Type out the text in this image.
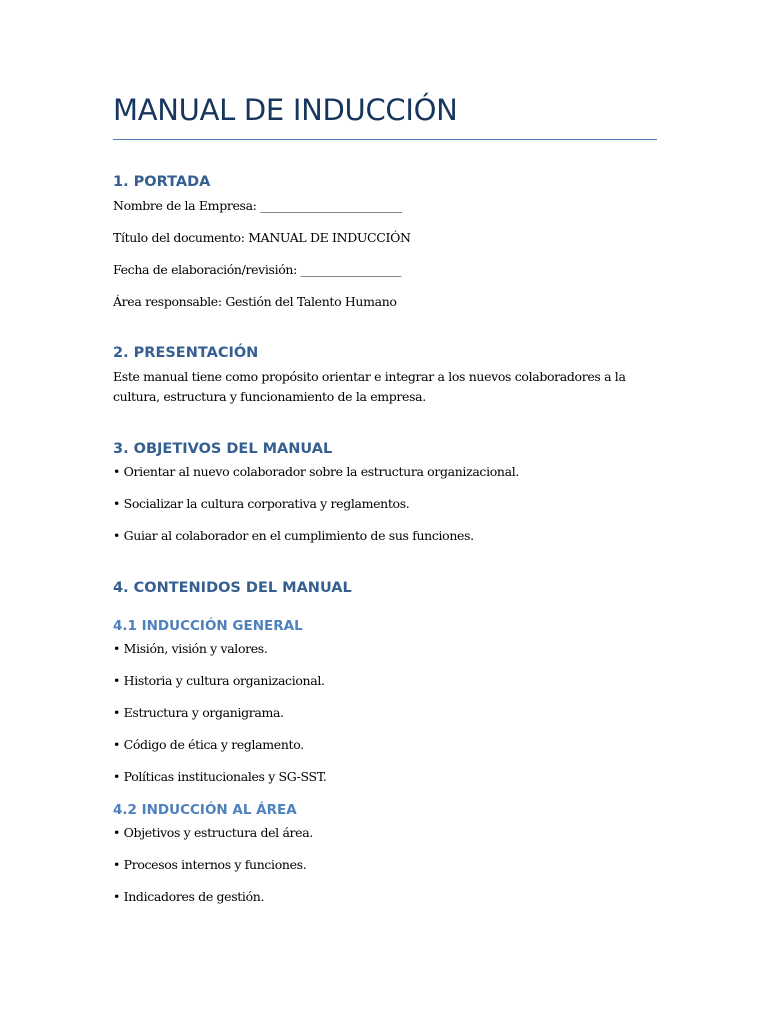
MANUAL DE INDUCCIÓN
1. PORTADA

Nombre de la Empresa: ________________________

Título del documento: MANUAL DE INDUCCIÓN

Fecha de elaboración/revisión: _________________

Área responsable: Gestión del Talento Humano

2. PRESENTACIÓN

Este manual tiene como propósito orientar e integrar a los nuevos colaboradores a la cultura, estructura y funcionamiento de la empresa.

3. OBJETIVOS DEL MANUAL

• Orientar al nuevo colaborador sobre la estructura organizacional.

• Socializar la cultura corporativa y reglamentos.

• Guiar al colaborador en el cumplimiento de sus funciones.

4. CONTENIDOS DEL MANUAL
4.1 INDUCCIÓN GENERAL

• Misión, visión y valores.

• Historia y cultura organizacional.

• Estructura y organigrama.

• Código de ética y reglamento.

• Políticas institucionales y SG-SST.

4.2 INDUCCIÓN AL ÁREA

• Objetivos y estructura del área.

• Procesos internos y funciones.

• Indicadores de gestión.
